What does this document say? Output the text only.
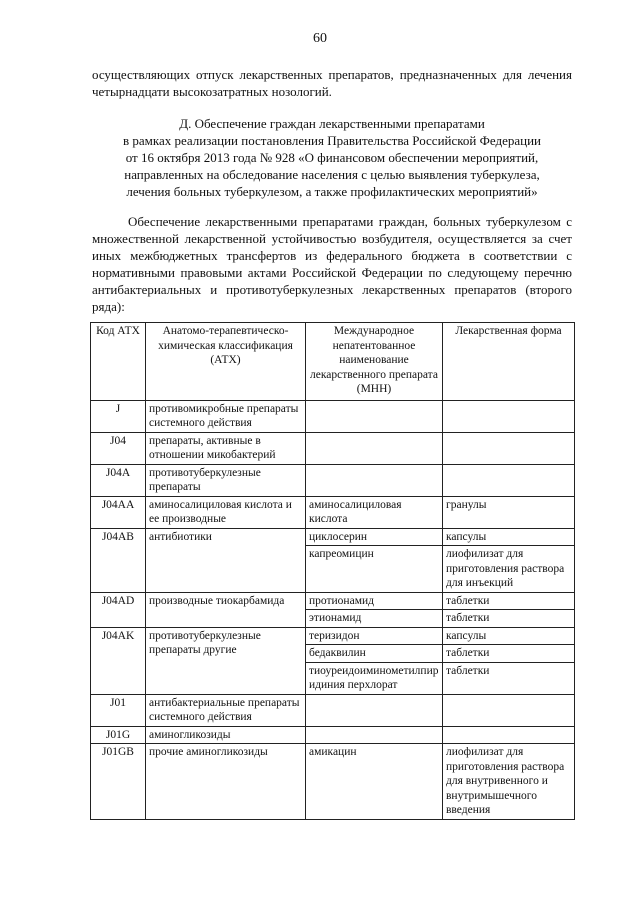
60

осуществляющих отпуск лекарственных препаратов, предназначенных для лечения четырнадцати высокозатратных нозологий.

Д. Обеспечение граждан лекарственными препаратами
в рамках реализации постановления Правительства Российской Федерации
от 16 октября 2013 года № 928 «О финансовом обеспечении мероприятий,
направленных на обследование населения с целью выявления туберкулеза,
лечения больных туберкулезом, а также профилактических мероприятий»

Обеспечение лекарственными препаратами граждан, больных туберкулезом с множественной лекарственной устойчивостью возбудителя, осуществляется за счет иных межбюджетных трансфертов из федерального бюджета в соответствии с нормативными правовыми актами Российской Федерации по следующему перечню антибактериальных и противотуберкулезных лекарственных препаратов (второго ряда):

Код АТХ	Анатомо-терапевтическо-химическая классификация (АТХ)	Международное непатентованное наименование лекарственного препарата (МНН)	Лекарственная форма
J	противомикробные препараты системного действия		
J04	препараты, активные в отношении микобактерий		
J04A	противотуберкулезные препараты		
J04AA	аминосалициловая кислота и ее производные	аминосалициловая кислота	гранулы
J04AB	антибиотики	циклосерин	капсулы
		капреомицин	лиофилизат для приготовления раствора для инъекций
J04AD	производные тиокарбамида	протионамид	таблетки
		этионамид	таблетки
J04AK	противотуберкулезные препараты другие	теризидон	капсулы
		бедаквилин	таблетки
		тиоуреидоиминометилпиридиния перхлорат	таблетки
J01	антибактериальные препараты системного действия		
J01G	аминогликозиды		
J01GB	прочие аминогликозиды	амикацин	лиофилизат для приготовления раствора для внутривенного и внутримышечного введения
